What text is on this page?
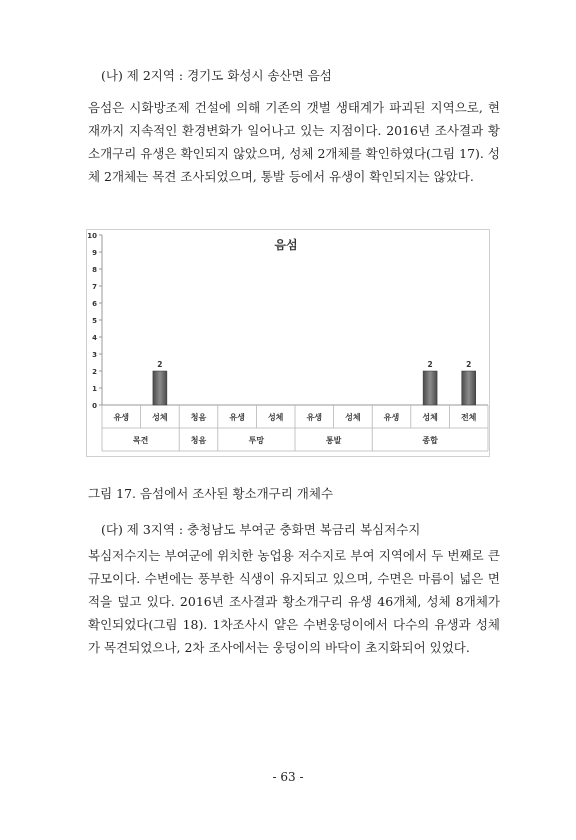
(나) 제 2지역 : 경기도 화성시 송산면 음섬

음섬은 시화방조제 건설에 의해 기존의 갯벌 생태계가 파괴된 지역으로, 현재까지 지속적인 환경변화가 일어나고 있는 지점이다. 2016년 조사결과 황소개구리 유생은 확인되지 않았으며, 성체 2개체를 확인하였다(그림 17). 성체 2개체는 목견 조사되었으며, 통발 등에서 유생이 확인되지는 않았다.

음섬
0
1
2
3
4
5
6
7
8
9
10
2	2	2
목견	청음	투망	통발	종합
유생	성체	청음	유생	성체	유생	성체	유생	성체	전체
그림 17. 음섬에서 조사된 황소개구리 개체수
(다) 제 3지역 : 충청남도 부여군 충화면 복금리 복심저수지

복심저수지는 부여군에 위치한 농업용 저수지로 부여 지역에서 두 번째로 큰 규모이다. 수변에는 풍부한 식생이 유지되고 있으며, 수면은 마름이 넓은 면적을 덮고 있다. 2016년 조사결과 황소개구리 유생 46개체, 성체 8개체가 확인되었다(그림 18). 1차조사시 얕은 수변웅덩이에서 다수의 유생과 성체가 목견되었으나, 2차 조사에서는 웅덩이의 바닥이 초지화되어 있었다.

- 63 -
